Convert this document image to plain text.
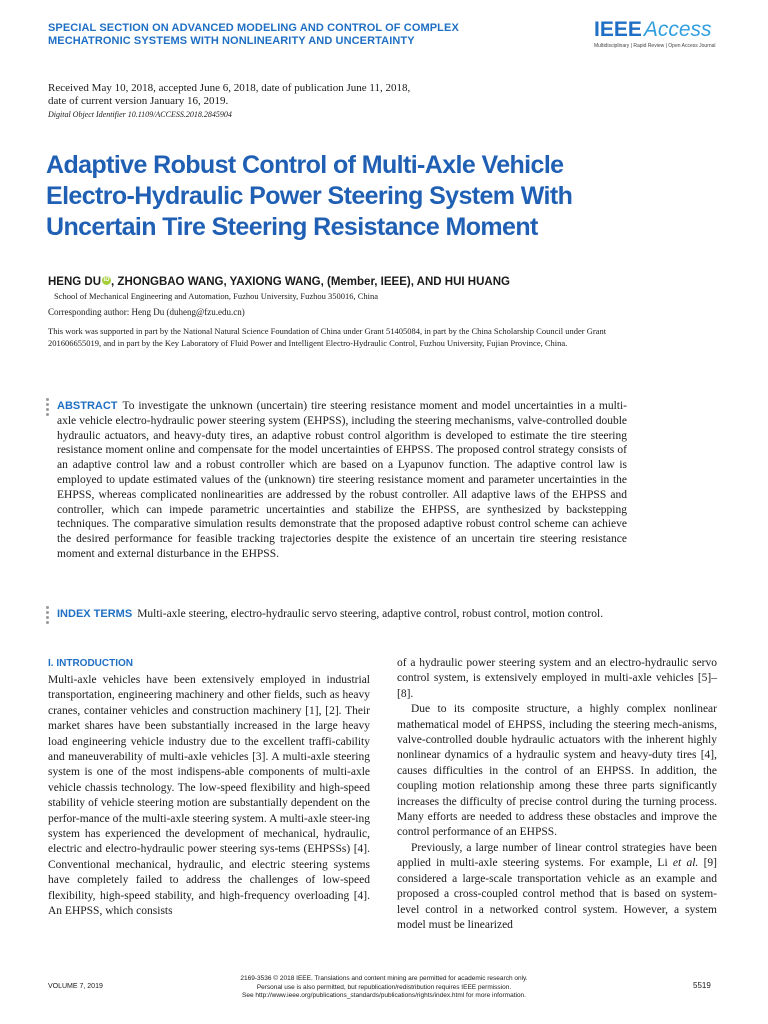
SPECIAL SECTION ON ADVANCED MODELING AND CONTROL OF COMPLEX
MECHATRONIC SYSTEMS WITH NONLINEARITY AND UNCERTAINTY	IEEEAccess
Multidisciplinary | Rapid Review | Open Access Journal
Received May 10, 2018, accepted June 6, 2018, date of publication June 11, 2018,
date of current version January 16, 2019.
Digital Object Identifier 10.1109/ACCESS.2018.2845904
Adaptive Robust Control of Multi-Axle Vehicle
Electro-Hydraulic Power Steering System With
Uncertain Tire Steering Resistance Moment
HENG DU iD , ZHONGBAO WANG, YAXIONG WANG, (Member, IEEE), AND HUI HUANG
School of Mechanical Engineering and Automation, Fuzhou University, Fuzhou 350016, China
Corresponding author: Heng Du (duheng@fzu.edu.cn)
This work was supported in part by the National Natural Science Foundation of China under Grant 51405084, in part by the China Scholarship Council under Grant 201606655019, and in part by the Key Laboratory of Fluid Power and Intelligent Electro-Hydraulic Control, Fuzhou University, Fujian Province, China.
ABSTRACT To investigate the unknown (uncertain) tire steering resistance moment and model uncertainties in a multi-axle vehicle electro-hydraulic power steering system (EHPSS), including the steering mechanisms, valve-controlled double hydraulic actuators, and heavy-duty tires, an adaptive robust control algorithm is developed to estimate the tire steering resistance moment online and compensate for the model uncertainties of EHPSS. The proposed control strategy consists of an adaptive control law and a robust controller which are based on a Lyapunov function. The adaptive control law is employed to update estimated values of the (unknown) tire steering resistance moment and parameter uncertainties in the EHPSS, whereas complicated nonlinearities are addressed by the robust controller. All adaptive laws of the EHPSS and controller, which can impede parametric uncertainties and stabilize the EHPSS, are synthesized by backstepping techniques. The comparative simulation results demonstrate that the proposed adaptive robust control scheme can achieve the desired performance for feasible tracking trajectories despite the existence of an uncertain tire steering resistance moment and external disturbance in the EHPSS.
INDEX TERMS Multi-axle steering, electro-hydraulic servo steering, adaptive control, robust control, motion control.
I. INTRODUCTION

Multi-axle vehicles have been extensively employed in industrial transportation, engineering machinery and other fields, such as heavy cranes, container vehicles and construction machinery [1], [2]. Their market shares have been substantially increased in the large heavy load engineering vehicle industry due to the excellent traffi-cability and maneuverability of multi-axle vehicles [3]. A multi-axle steering system is one of the most indispens-able components of multi-axle vehicle chassis technology. The low-speed flexibility and high-speed stability of vehicle steering motion are substantially dependent on the perfor-mance of the multi-axle steering system. A multi-axle steer-ing system has experienced the development of mechanical, hydraulic, electric and electro-hydraulic power steering sys-tems (EHPSSs) [4]. Conventional mechanical, hydraulic, and electric steering systems have completely failed to address the challenges of low-speed flexibility, high-speed stability, and high-frequency overloading [4]. An EHPSS, which consists

of a hydraulic power steering system and an electro-hydraulic servo control system, is extensively employed in multi-axle vehicles [5]–[8].

Due to its composite structure, a highly complex nonlinear mathematical model of EHPSS, including the steering mech-anisms, valve-controlled double hydraulic actuators with the inherent highly nonlinear dynamics of a hydraulic system and heavy-duty tires [4], causes difficulties in the control of an EHPSS. In addition, the coupling motion relationship among these three parts significantly increases the difficulty of precise control during the turning process. Many efforts are needed to address these obstacles and improve the control performance of an EHPSS.

Previously, a large number of linear control strategies have been applied in multi-axle steering systems. For example, Li et al. [9] considered a large-scale transportation vehicle as an example and proposed a cross-coupled control method that is based on system-level control in a networked control system. However, a system model must be linearized

VOLUME 7, 2019
2169-3536 © 2018 IEEE. Translations and content mining are permitted for academic research only.
Personal use is also permitted, but republication/redistribution requires IEEE permission.
See http://www.ieee.org/publications_standards/publications/rights/index.html for more information.
5519
